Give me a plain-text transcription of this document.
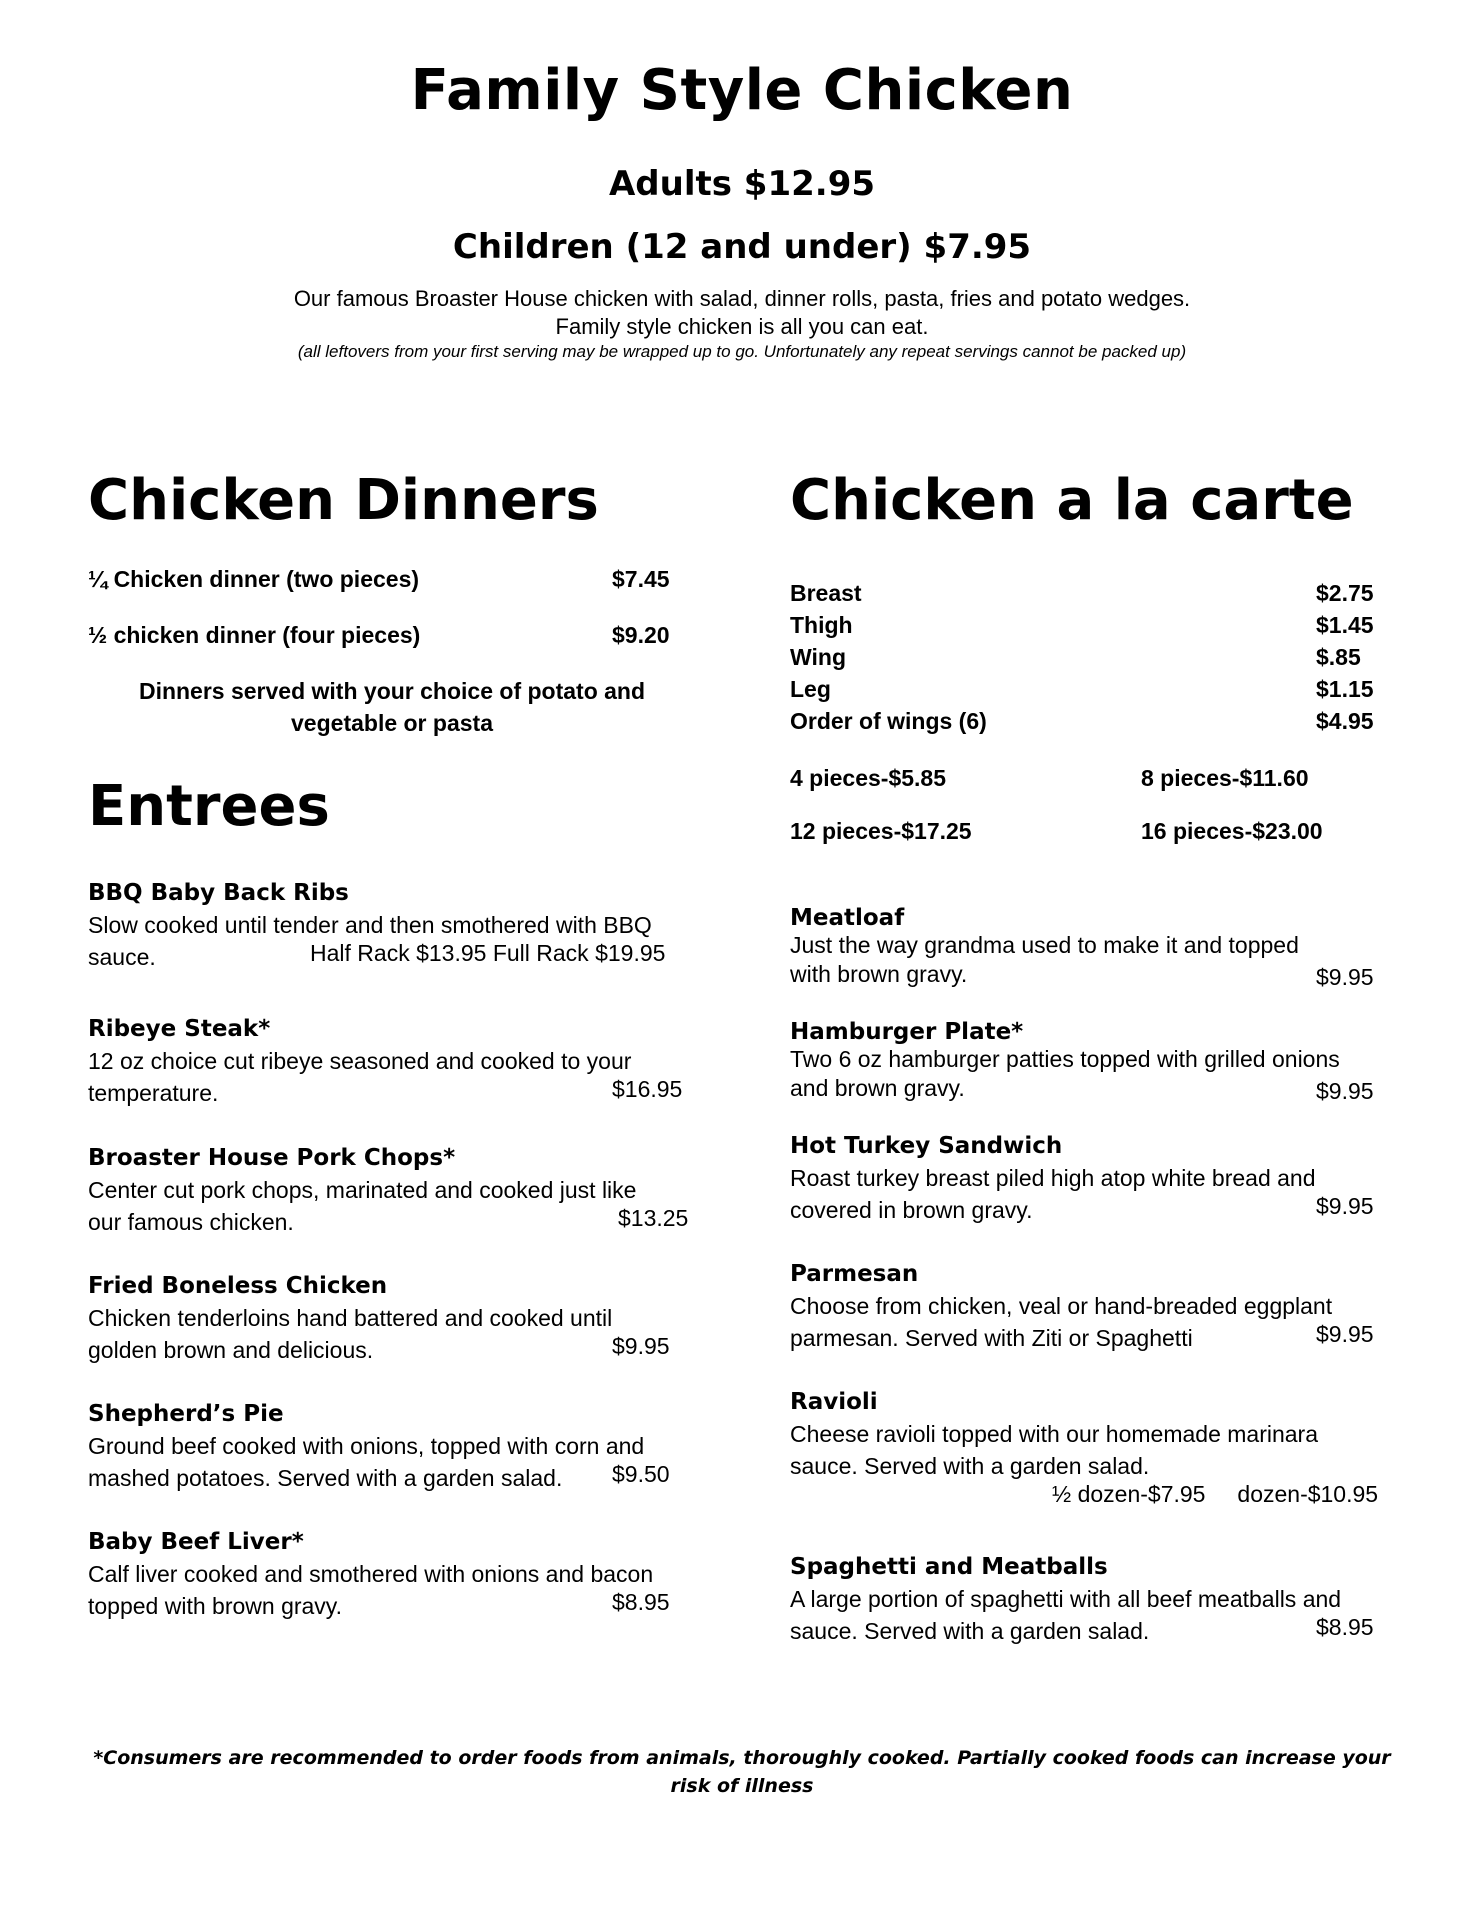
Family Style Chicken
Adults $12.95
Children (12 and under) $7.95
Our famous Broaster House chicken with salad, dinner rolls, pasta, fries and potato wedges.
Family style chicken is all you can eat.
(all leftovers from your first serving may be wrapped up to go. Unfortunately any repeat servings cannot be packed up)
Chicken Dinners
¼ Chicken dinner (two pieces)	$7.45
½ chicken dinner (four pieces)	$9.20
Dinners served with your choice of potato and
vegetable or pasta
Entrees
BBQ Baby Back Ribs
Slow cooked until tender and then smothered with BBQ
sauce.	Half Rack $13.95 Full Rack $19.95
Ribeye Steak*
12 oz choice cut ribeye seasoned and cooked to your
temperature.	$16.95
Broaster House Pork Chops*
Center cut pork chops, marinated and cooked just like
our famous chicken.	$13.25
Fried Boneless Chicken
Chicken tenderloins hand battered and cooked until
golden brown and delicious.	$9.95
Shepherd’s Pie
Ground beef cooked with onions, topped with corn and
mashed potatoes. Served with a garden salad.	$9.50
Baby Beef Liver*
Calf liver cooked and smothered with onions and bacon
topped with brown gravy.	$8.95
Chicken a la carte
Breast	$2.75
Thigh	$1.45
Wing	$.85
Leg	$1.15
Order of wings (6)	$4.95
4 pieces-$5.85	8 pieces-$11.60
12 pieces-$17.25	16 pieces-$23.00
Meatloaf
Just the way grandma used to make it and topped
with brown gravy.	$9.95
Hamburger Plate*
Two 6 oz hamburger patties topped with grilled onions
and brown gravy.	$9.95
Hot Turkey Sandwich
Roast turkey breast piled high atop white bread and
covered in brown gravy.	$9.95
Parmesan
Choose from chicken, veal or hand-breaded eggplant
parmesan. Served with Ziti or Spaghetti	$9.95
Ravioli
Cheese ravioli topped with our homemade marinara
sauce. Served with a garden salad.
½ dozen-$7.95     dozen-$10.95
Spaghetti and Meatballs
A large portion of spaghetti with all beef meatballs and
sauce. Served with a garden salad.	$8.95
*Consumers are recommended to order foods from animals, thoroughly cooked. Partially cooked foods can increase your
risk of illness
